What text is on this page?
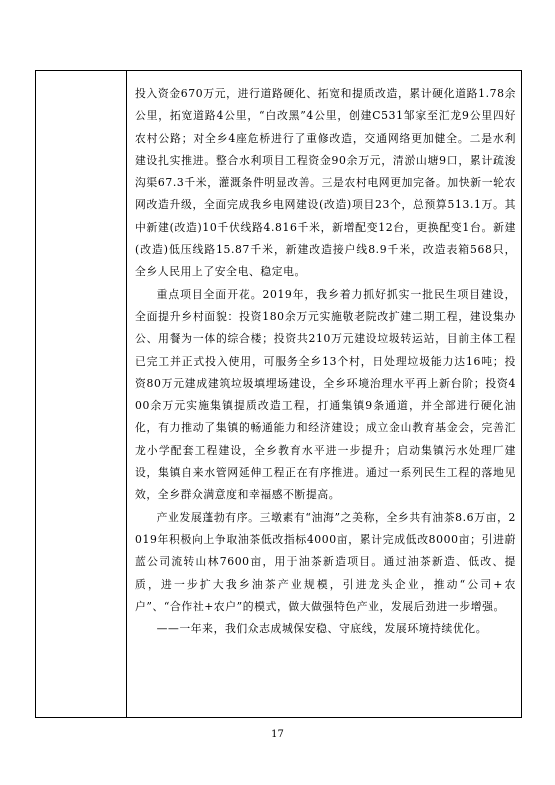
投入资金670万元，进行道路硬化、拓宽和提质改造，累计硬化道路1.78余公里，拓宽道路4公里，“白改黑”4公里，创建C531邹家至汇龙9公里四好农村公路；对全乡4座危桥进行了重修改造，交通网络更加健全。二是水利建设扎实推进。整合水利项目工程资金90余万元，清淤山塘9口，累计疏浚沟渠67.3千米，灌溉条件明显改善。三是农村电网更加完备。加快新一轮农网改造升级，全面完成我乡电网建设(改造)项目23个，总预算513.1万。其中新建(改造)10千伏线路4.816千米，新增配变12台，更换配变1台。新建(改造)低压线路15.87千米，新建改造接户线8.9千米，改造表箱568只，全乡人民用上了安全电、稳定电。

重点项目全面开花。2019年，我乡着力抓好抓实一批民生项目建设，全面提升乡村面貌：投资180余万元实施敬老院改扩建二期工程，建设集办公、用餐为一体的综合楼；投资共210万元建设垃圾转运站，目前主体工程已完工并正式投入使用，可服务全乡13个村，日处理垃圾能力达16吨；投资80万元建成建筑垃圾填埋场建设，全乡环境治理水平再上新台阶；投资400余万元实施集镇提质改造工程，打通集镇9条通道，并全部进行硬化油化，有力推动了集镇的畅通能力和经济建设；成立金山教育基金会，完善汇龙小学配套工程建设，全乡教育水平进一步提升；启动集镇污水处理厂建设，集镇自来水管网延伸工程正在有序推进。通过一系列民生工程的落地见效，全乡群众满意度和幸福感不断提高。

产业发展蓬勃有序。三墩素有“油海”之美称，全乡共有油茶8.6万亩，2019年积极向上争取油茶低改指标4000亩，累计完成低改8000亩；引进蔚蓝公司流转山林7600亩，用于油茶新造项目。通过油茶新造、低改、提质，进一步扩大我乡油茶产业规模，引进龙头企业，推动“公司+农户”、“合作社+农户”的模式，做大做强特色产业，发展后劲进一步增强。

——一年来，我们众志成城保安稳、守底线，发展环境持续优化。

17
